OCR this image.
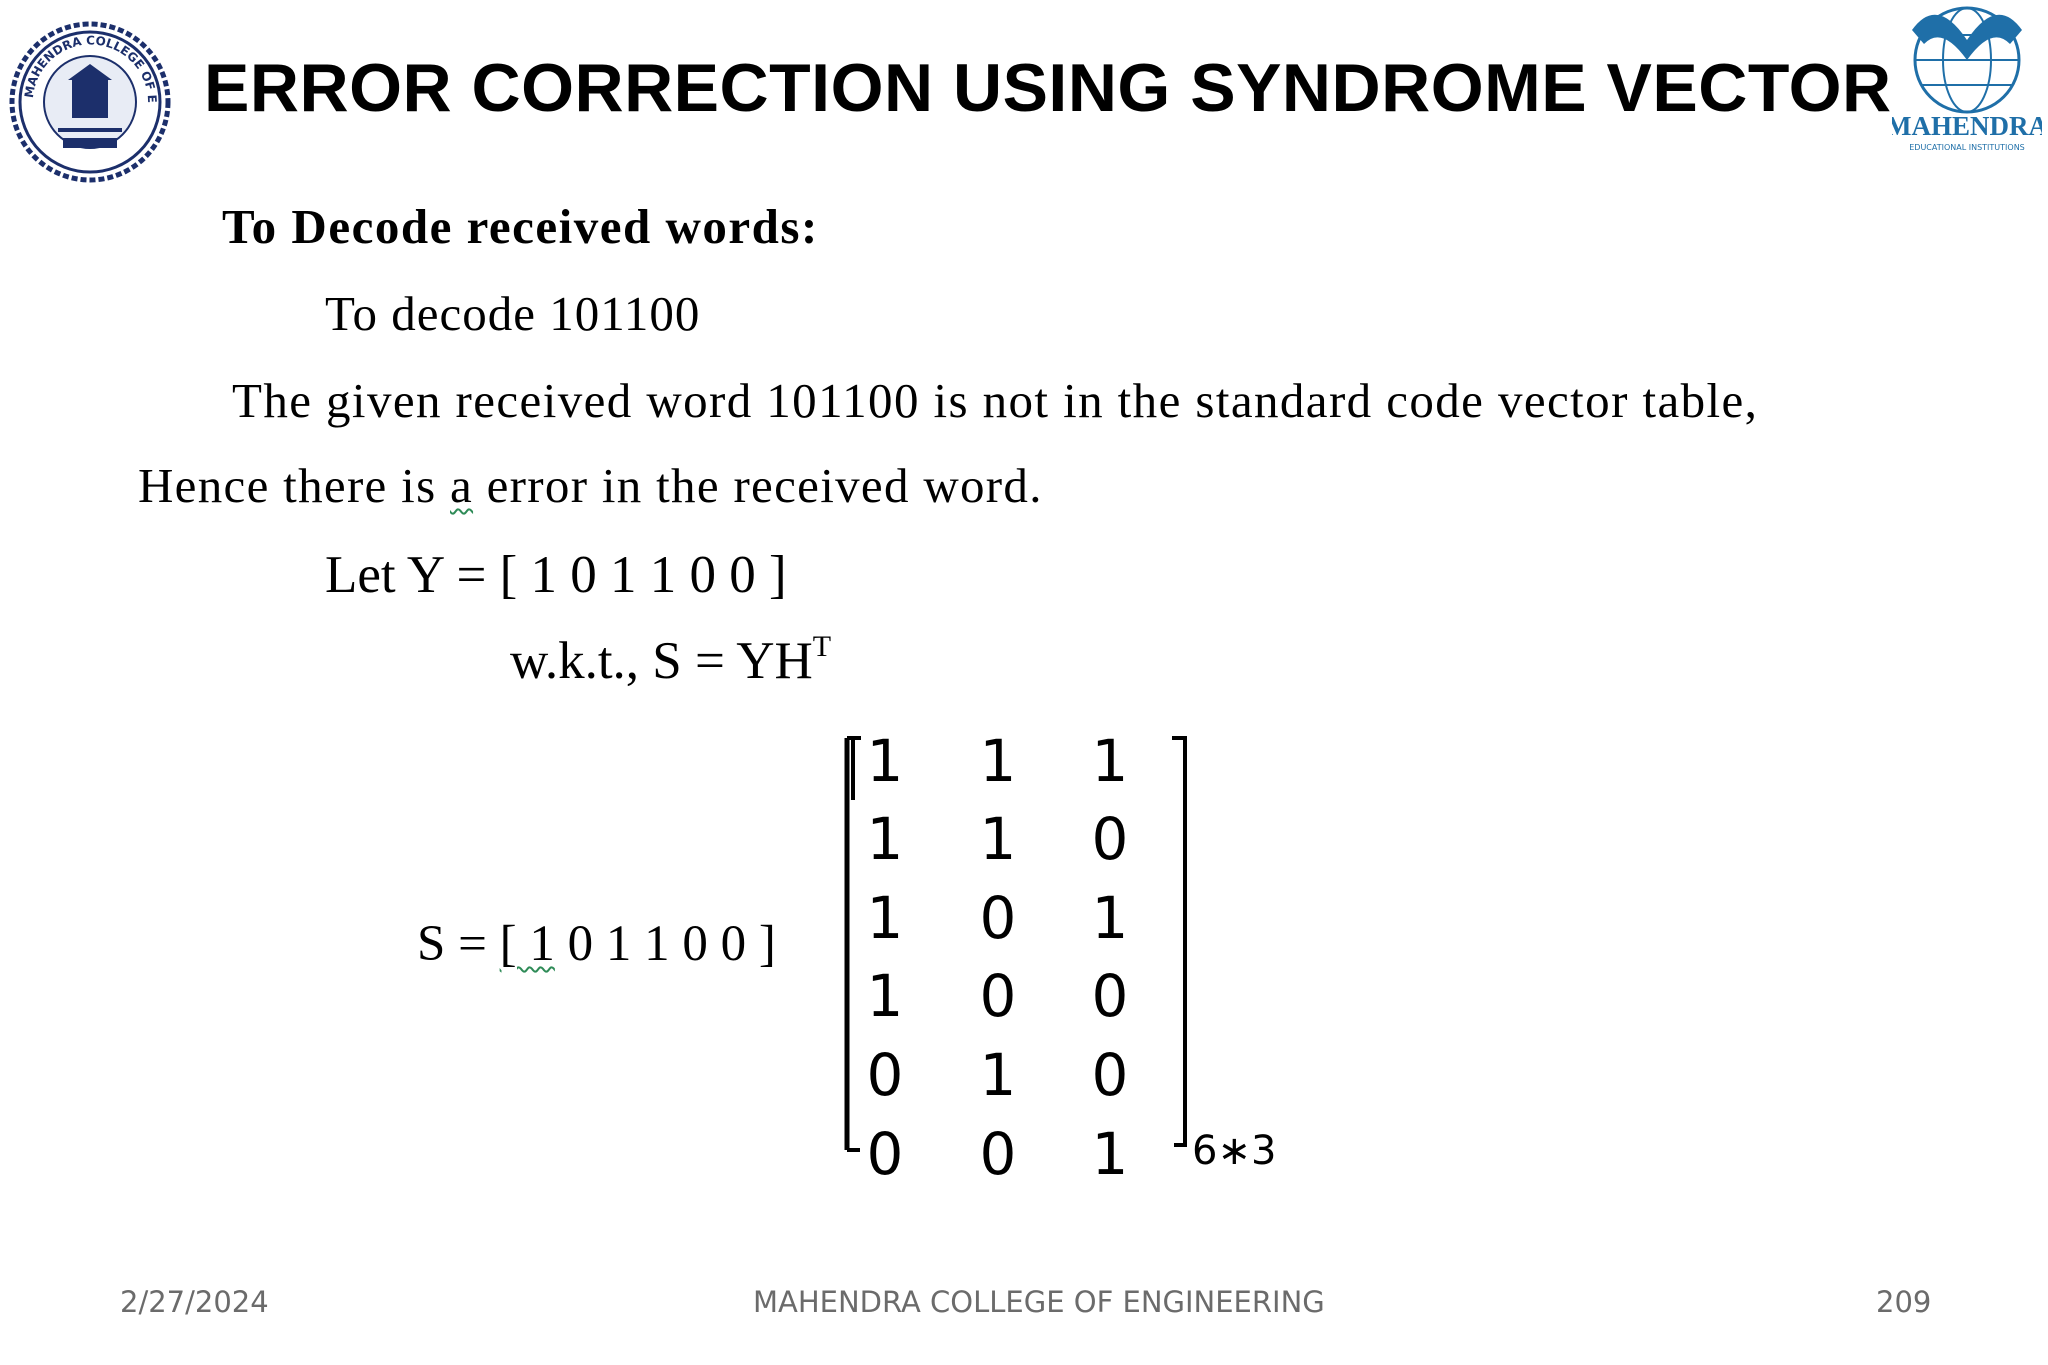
MAHENDRA COLLEGE OF E ERROR CORRECTION USING SYNDROME VECTOR
MAHENDRA
EDUCATIONAL INSTITUTIONS
To Decode received words:
To decode 101100
The given received word 101100 is not in the standard code vector table,
Hence there is a error in the received word.
Let Y = [ 1 0 1 1 0 0 ]
w.k.t., $S = YH^T$
S = [ 1 0 1 1 0 0 ]
1 1 1
1 1 0
1 0 1
1 0 0
0 1 0
0 0 1 6∗3
2/27/2024	MAHENDRA COLLEGE OF ENGINEERING	209
